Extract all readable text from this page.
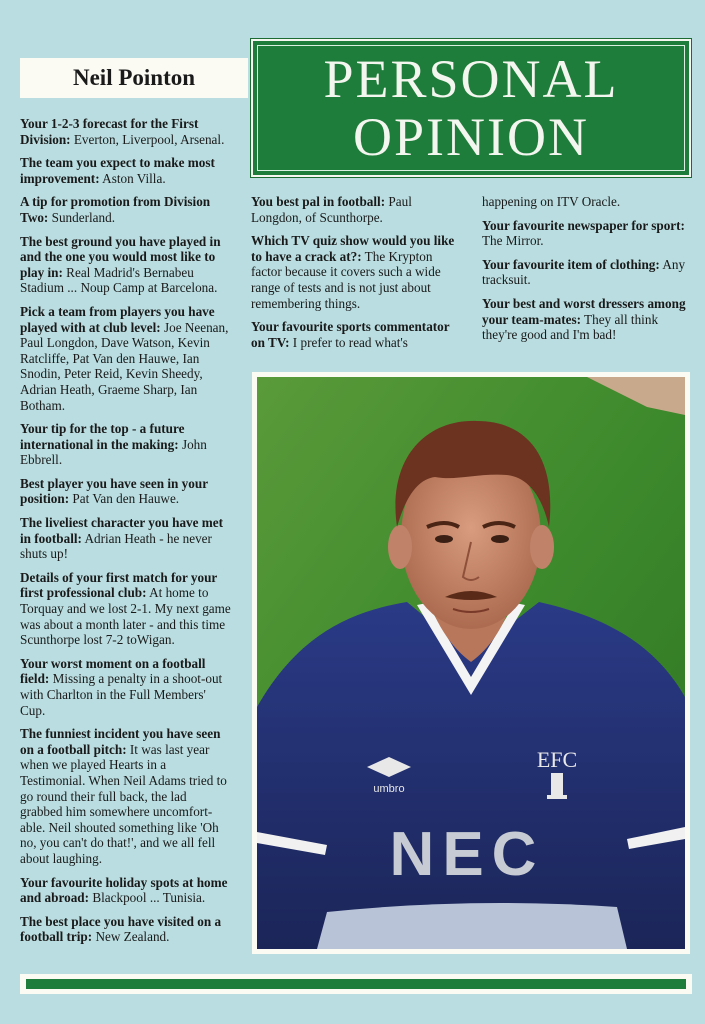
Neil Pointon	PERSONAL
OPINION

Your 1-2-3 forecast for the First Division: Everton, Liverpool, Arsenal.

The team you expect to make most improvement: Aston Villa.

A tip for promotion from Division Two: Sunderland.

The best ground you have played in and the one you would most like to play in: Real Madrid's Bernabeu Stadium ... Noup Camp at Barcelona.

Pick a team from players you have played with at club level: Joe Neenan, Paul Longdon, Dave Watson, Kevin Ratcliffe, Pat Van den Hauwe, Ian Snodin, Peter Reid, Kevin Sheedy, Adrian Heath, Graeme Sharp, Ian Botham.

Your tip for the top - a future international in the making: John Ebbrell.

Best player you have seen in your position: Pat Van den Hauwe.

The liveliest character you have met in football: Adrian Heath - he never shuts up!

Details of your first match for your first professional club: At home to Torquay and we lost 2-1. My next game was about a month later - and this time Scunthorpe lost 7-2 toWigan.

Your worst moment on a football field: Missing a penalty in a shoot-out with Charlton in the Full Members' Cup.

The funniest incident you have seen on a football pitch: It was last year when we played Hearts in a Testimonial. When Neil Adams tried to go round their full back, the lad grabbed him somewhere uncomfort-able. Neil shouted something like 'Oh no, you can't do that!', and we all fell about laughing.

Your favourite holiday spots at home and abroad: Blackpool ... Tunisia.

The best place you have visited on a football trip: New Zealand.

You best pal in football: Paul Longdon, of Scunthorpe.

Which TV quiz show would you like to have a crack at?: The Krypton factor because it covers such a wide range of tests and is not just about remembering things.

Your favourite sports commentator on TV: I prefer to read what's

happening on ITV Oracle.

Your favourite newspaper for sport: The Mirror.

Your favourite item of clothing: Any tracksuit.

Your best and worst dressers among your team-mates: They all think they're good and I'm bad!

umbro
EFC
NEC
